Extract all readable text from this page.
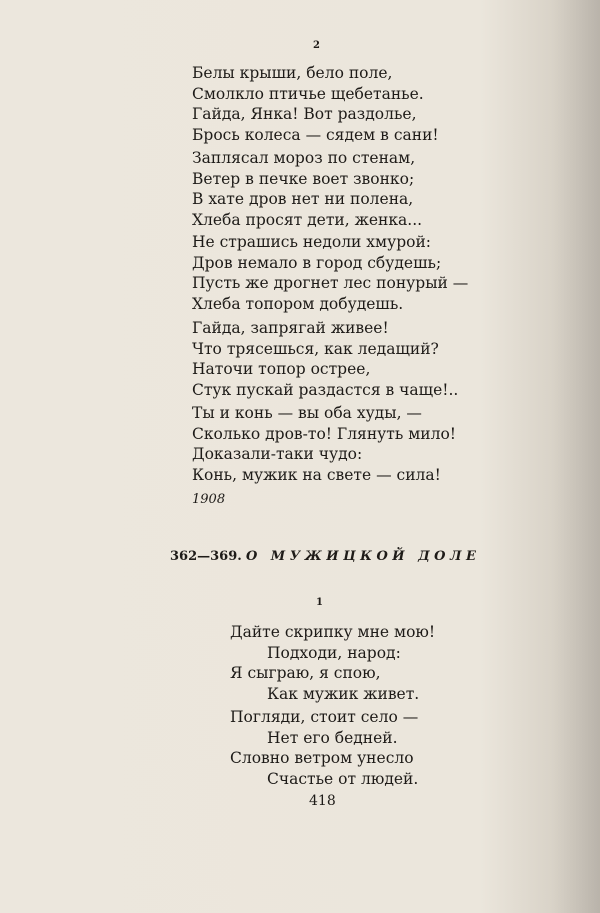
2
Белы крыши, бело поле,
Смолкло птичье щебетанье.
Гайда, Янка! Вот раздолье,
Брось колеса — сядем в сани!
Заплясал мороз по стенам,
Ветер в печке воет звонко;
В хате дров нет ни полена,
Хлеба просят дети, женка...
Не страшись недоли хмурой:
Дров немало в город сбудешь;
Пусть же дрогнет лес понурый —
Хлеба топором добудешь.
Гайда, запрягай живее!
Что трясешься, как ледащий?
Наточи топор острее,
Стук пускай раздастся в чаще!..
Ты и конь — вы оба худы, —
Сколько дров-то! Глянуть мило!
Доказали-таки чудо:
Конь, мужик на свете — сила!
1908
362—369. О МУЖИЦКОЙ ДОЛЕ
1
Дайте скрипку мне мою!
Подходи, народ:
Я сыграю, я спою,
Как мужик живет.
Погляди, стоит село —
Нет его бедней.
Словно ветром унесло
Счастье от людей.
418
